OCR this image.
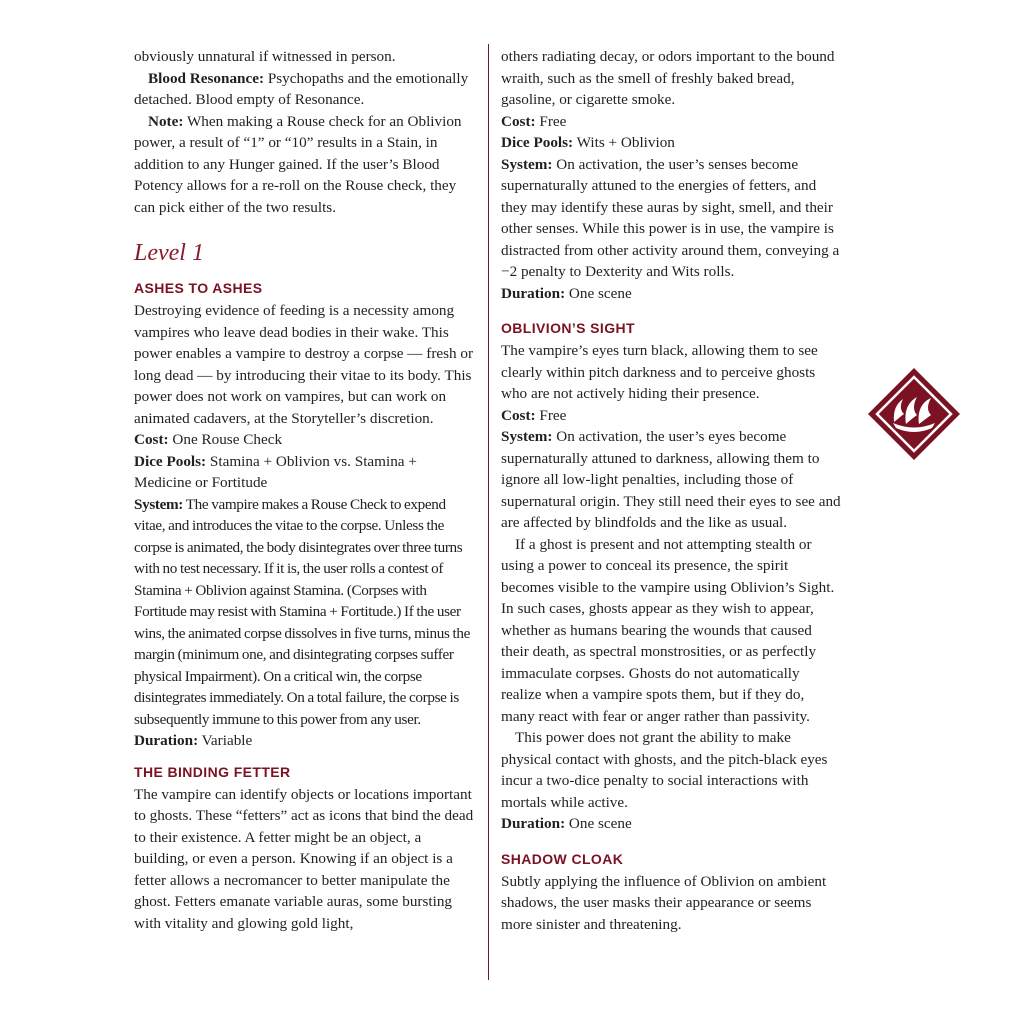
obviously unnatural if witnessed in person.

Blood Resonance: Psychopaths and the emotionally detached. Blood empty of Resonance.

Note: When making a Rouse check for an Oblivion power, a result of “1” or “10” results in a Stain, in addition to any Hunger gained. If the user’s Blood Potency allows for a re-roll on the Rouse check, they can pick either of the two results.

Level 1
ASHES TO ASHES

Destroying evidence of feeding is a necessity among vampires who leave dead bodies in their wake. This power enables a vampire to destroy a corpse — fresh or long dead — by introducing their vitae to its body. This power does not work on vampires, but can work on animated cadavers, at the Storyteller’s discretion.

Cost: One Rouse Check

Dice Pools: Stamina + Oblivion vs. Stamina + Medicine or Fortitude

System: The vampire makes a Rouse Check to expend vitae, and introduces the vitae to the corpse. Unless the corpse is animated, the body disintegrates over three turns with no test necessary. If it is, the user rolls a contest of Stamina + Oblivion against Stamina. (Corpses with Fortitude may resist with Stamina + Fortitude.) If the user wins, the animated corpse dissolves in five turns, minus the margin (minimum one, and disintegrating corpses suffer physical Impairment). On a critical win, the corpse disintegrates immediately. On a total failure, the corpse is subsequently immune to this power from any user.

Duration: Variable

THE BINDING FETTER

The vampire can identify objects or locations important to ghosts. These “fetters” act as icons that bind the dead to their existence. A fetter might be an object, a building, or even a person. Knowing if an object is a fetter allows a necromancer to better manipulate the ghost. Fetters emanate variable auras, some bursting with vitality and glowing gold light,

others radiating decay, or odors important to the bound wraith, such as the smell of freshly baked bread, gasoline, or cigarette smoke.

Cost: Free

Dice Pools: Wits + Oblivion

System: On activation, the user’s senses become supernaturally attuned to the energies of fetters, and they may identify these auras by sight, smell, and their other senses. While this power is in use, the vampire is distracted from other activity around them, conveying a −2 penalty to Dexterity and Wits rolls.

Duration: One scene

OBLIVION’S SIGHT

The vampire’s eyes turn black, allowing them to see clearly within pitch darkness and to perceive ghosts who are not actively hiding their presence.

Cost: Free

System: On activation, the user’s eyes become supernaturally attuned to darkness, allowing them to ignore all low-light penalties, including those of supernatural origin. They still need their eyes to see and are affected by blindfolds and the like as usual.

If a ghost is present and not attempting stealth or using a power to conceal its presence, the spirit becomes visible to the vampire using Oblivion’s Sight. In such cases, ghosts appear as they wish to appear, whether as humans bearing the wounds that caused their death, as spectral monstrosities, or as perfectly immaculate corpses. Ghosts do not automatically realize when a vampire spots them, but if they do, many react with fear or anger rather than passivity.

This power does not grant the ability to make physical contact with ghosts, and the pitch-black eyes incur a two-dice penalty to social interactions with mortals while active.

Duration: One scene

SHADOW CLOAK

Subtly applying the influence of Oblivion on ambient shadows, the user masks their appearance or seems more sinister and threatening.
